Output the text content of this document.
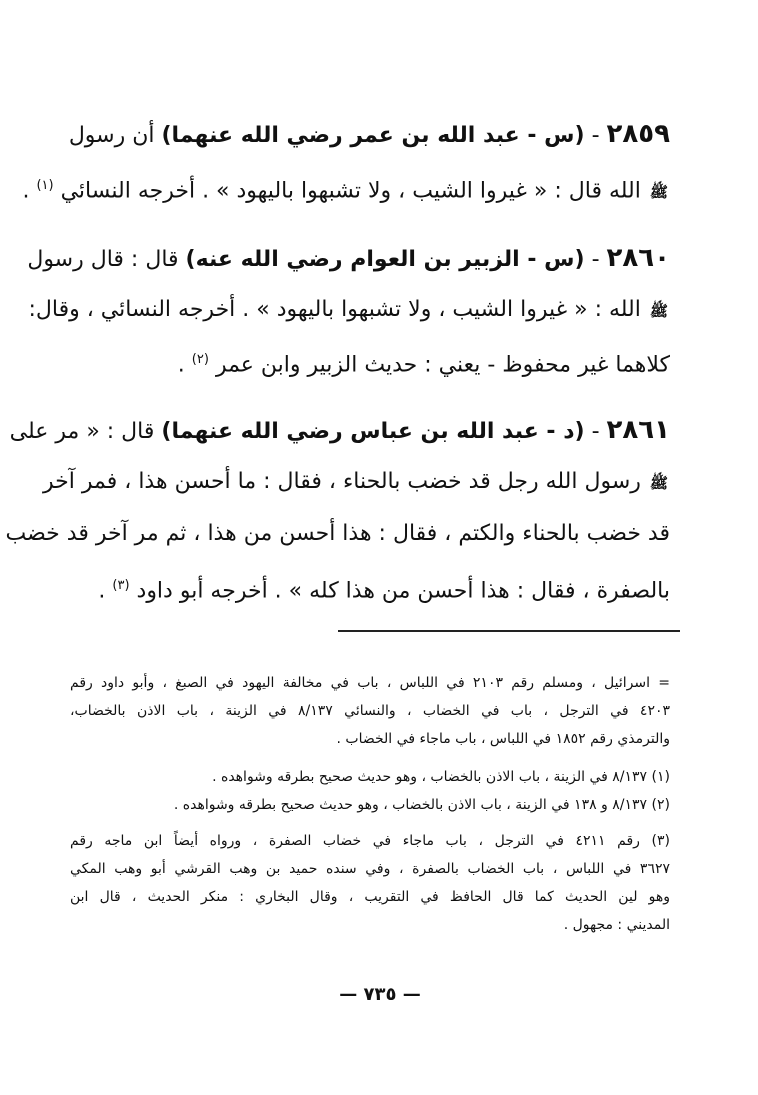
٢٨٥٩ - (س - عبد الله بن عمر رضي الله عنهما) أن رسول
ﷺ الله قال : « غيروا الشيب ، ولا تشبهوا باليهود » . أخرجه النسائي $^{(١)}$ .
٢٨٦٠ - (س - الزبير بن العوام رضي الله عنه) قال : قال رسول
ﷺ الله : « غيروا الشيب ، ولا تشبهوا باليهود » . أخرجه النسائي ، وقال:
كلاهما غير محفوظ - يعني : حديث الزبير وابن عمر $^{(٢)}$ .
٢٨٦١ - (د - عبد الله بن عباس رضي الله عنهما) قال : « مر على
ﷺ رسول الله رجل قد خضب بالحناء ، فقال : ما أحسن هذا ، فمر آخر
قد خضب بالحناء والكتم ، فقال : هذا أحسن من هذا ، ثم مر آخر قد خضب
بالصفرة ، فقال : هذا أحسن من هذا كله » . أخرجه أبو داود $^{(٣)}$ .
= اسرائيل ، ومسلم رقم ٢١٠٣ في اللباس ، باب في مخالفة اليهود في الصبغ ، وأبو داود رقم
٤٢٠٣ في الترجل ، باب في الخضاب ، والنسائي ٨/١٣٧ في الزينة ، باب الاذن بالخضاب،
والترمذي رقم ١٨٥٢ في اللباس ، باب ماجاء في الخضاب .
(١) ٨/١٣٧ في الزينة ، باب الاذن بالخضاب ، وهو حديث صحيح بطرقه وشواهده .
(٢) ٨/١٣٧ و ١٣٨ في الزينة ، باب الاذن بالخضاب ، وهو حديث صحيح بطرقه وشواهده .
(٣) رقم ٤٢١١ في الترجل ، باب ماجاء في خضاب الصفرة ، ورواه أيضاً ابن ماجه رقم
٣٦٢٧ في اللباس ، باب الخضاب بالصفرة ، وفي سنده حميد بن وهب القرشي أبو وهب المكي
وهو لين الحديث كما قال الحافظ في التقريب ، وقال البخاري : منكر الحديث ، قال ابن
المديني : مجهول .
— ٧٣٥ —
